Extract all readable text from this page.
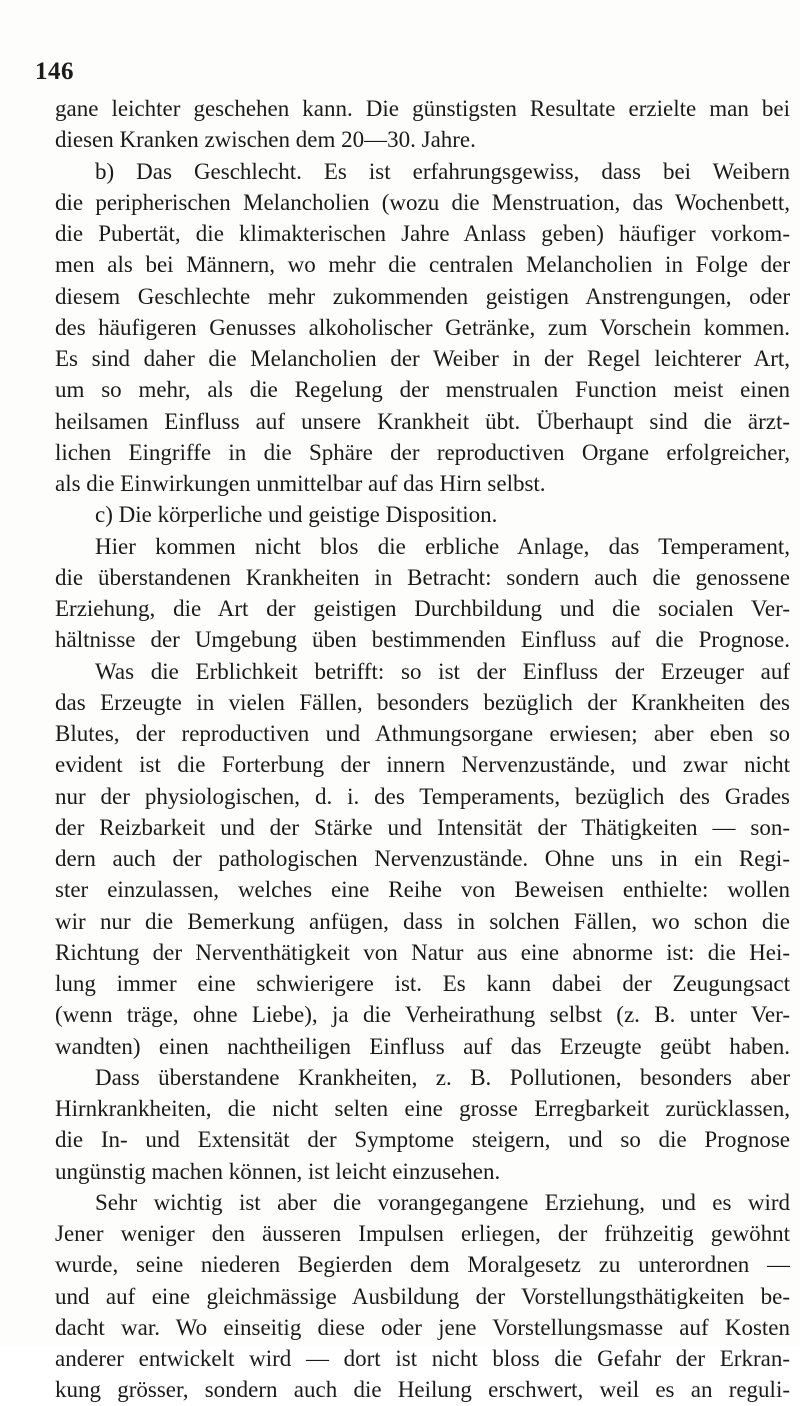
146
gane leichter geschehen kann. Die günstigsten Resultate erzielte man bei
diesen Kranken zwischen dem 20—30. Jahre.
b) Das Geschlecht. Es ist erfahrungsgewiss, dass bei Weibern
die peripherischen Melancholien (wozu die Menstruation, das Wochenbett,
die Pubertät, die klimakterischen Jahre Anlass geben) häufiger vorkom-
men als bei Männern, wo mehr die centralen Melancholien in Folge der
diesem Geschlechte mehr zukommenden geistigen Anstrengungen, oder
des häufigeren Genusses alkoholischer Getränke, zum Vorschein kommen.
Es sind daher die Melancholien der Weiber in der Regel leichterer Art,
um so mehr, als die Regelung der menstrualen Function meist einen
heilsamen Einfluss auf unsere Krankheit übt. Überhaupt sind die ärzt-
lichen Eingriffe in die Sphäre der reproductiven Organe erfolgreicher,
als die Einwirkungen unmittelbar auf das Hirn selbst.
c) Die körperliche und geistige Disposition.
Hier kommen nicht blos die erbliche Anlage, das Temperament,
die überstandenen Krankheiten in Betracht: sondern auch die genossene
Erziehung, die Art der geistigen Durchbildung und die socialen Ver-
hältnisse der Umgebung üben bestimmenden Einfluss auf die Prognose.
Was die Erblichkeit betrifft: so ist der Einfluss der Erzeuger auf
das Erzeugte in vielen Fällen, besonders bezüglich der Krankheiten des
Blutes, der reproductiven und Athmungsorgane erwiesen; aber eben so
evident ist die Forterbung der innern Nervenzustände, und zwar nicht
nur der physiologischen, d. i. des Temperaments, bezüglich des Grades
der Reizbarkeit und der Stärke und Intensität der Thätigkeiten — son-
dern auch der pathologischen Nervenzustände. Ohne uns in ein Regi-
ster einzulassen, welches eine Reihe von Beweisen enthielte: wollen
wir nur die Bemerkung anfügen, dass in solchen Fällen, wo schon die
Richtung der Nerventhätigkeit von Natur aus eine abnorme ist: die Hei-
lung immer eine schwierigere ist. Es kann dabei der Zeugungsact
(wenn träge, ohne Liebe), ja die Verheirathung selbst (z. B. unter Ver-
wandten) einen nachtheiligen Einfluss auf das Erzeugte geübt haben.
Dass überstandene Krankheiten, z. B. Pollutionen, besonders aber
Hirnkrankheiten, die nicht selten eine grosse Erregbarkeit zurücklassen,
die In- und Extensität der Symptome steigern, und so die Prognose
ungünstig machen können, ist leicht einzusehen.
Sehr wichtig ist aber die vorangegangene Erziehung, und es wird
Jener weniger den äusseren Impulsen erliegen, der frühzeitig gewöhnt
wurde, seine niederen Begierden dem Moralgesetz zu unterordnen —
und auf eine gleichmässige Ausbildung der Vorstellungsthätigkeiten be-
dacht war. Wo einseitig diese oder jene Vorstellungsmasse auf Kosten
anderer entwickelt wird — dort ist nicht bloss die Gefahr der Erkran-
kung grösser, sondern auch die Heilung erschwert, weil es an reguli-
